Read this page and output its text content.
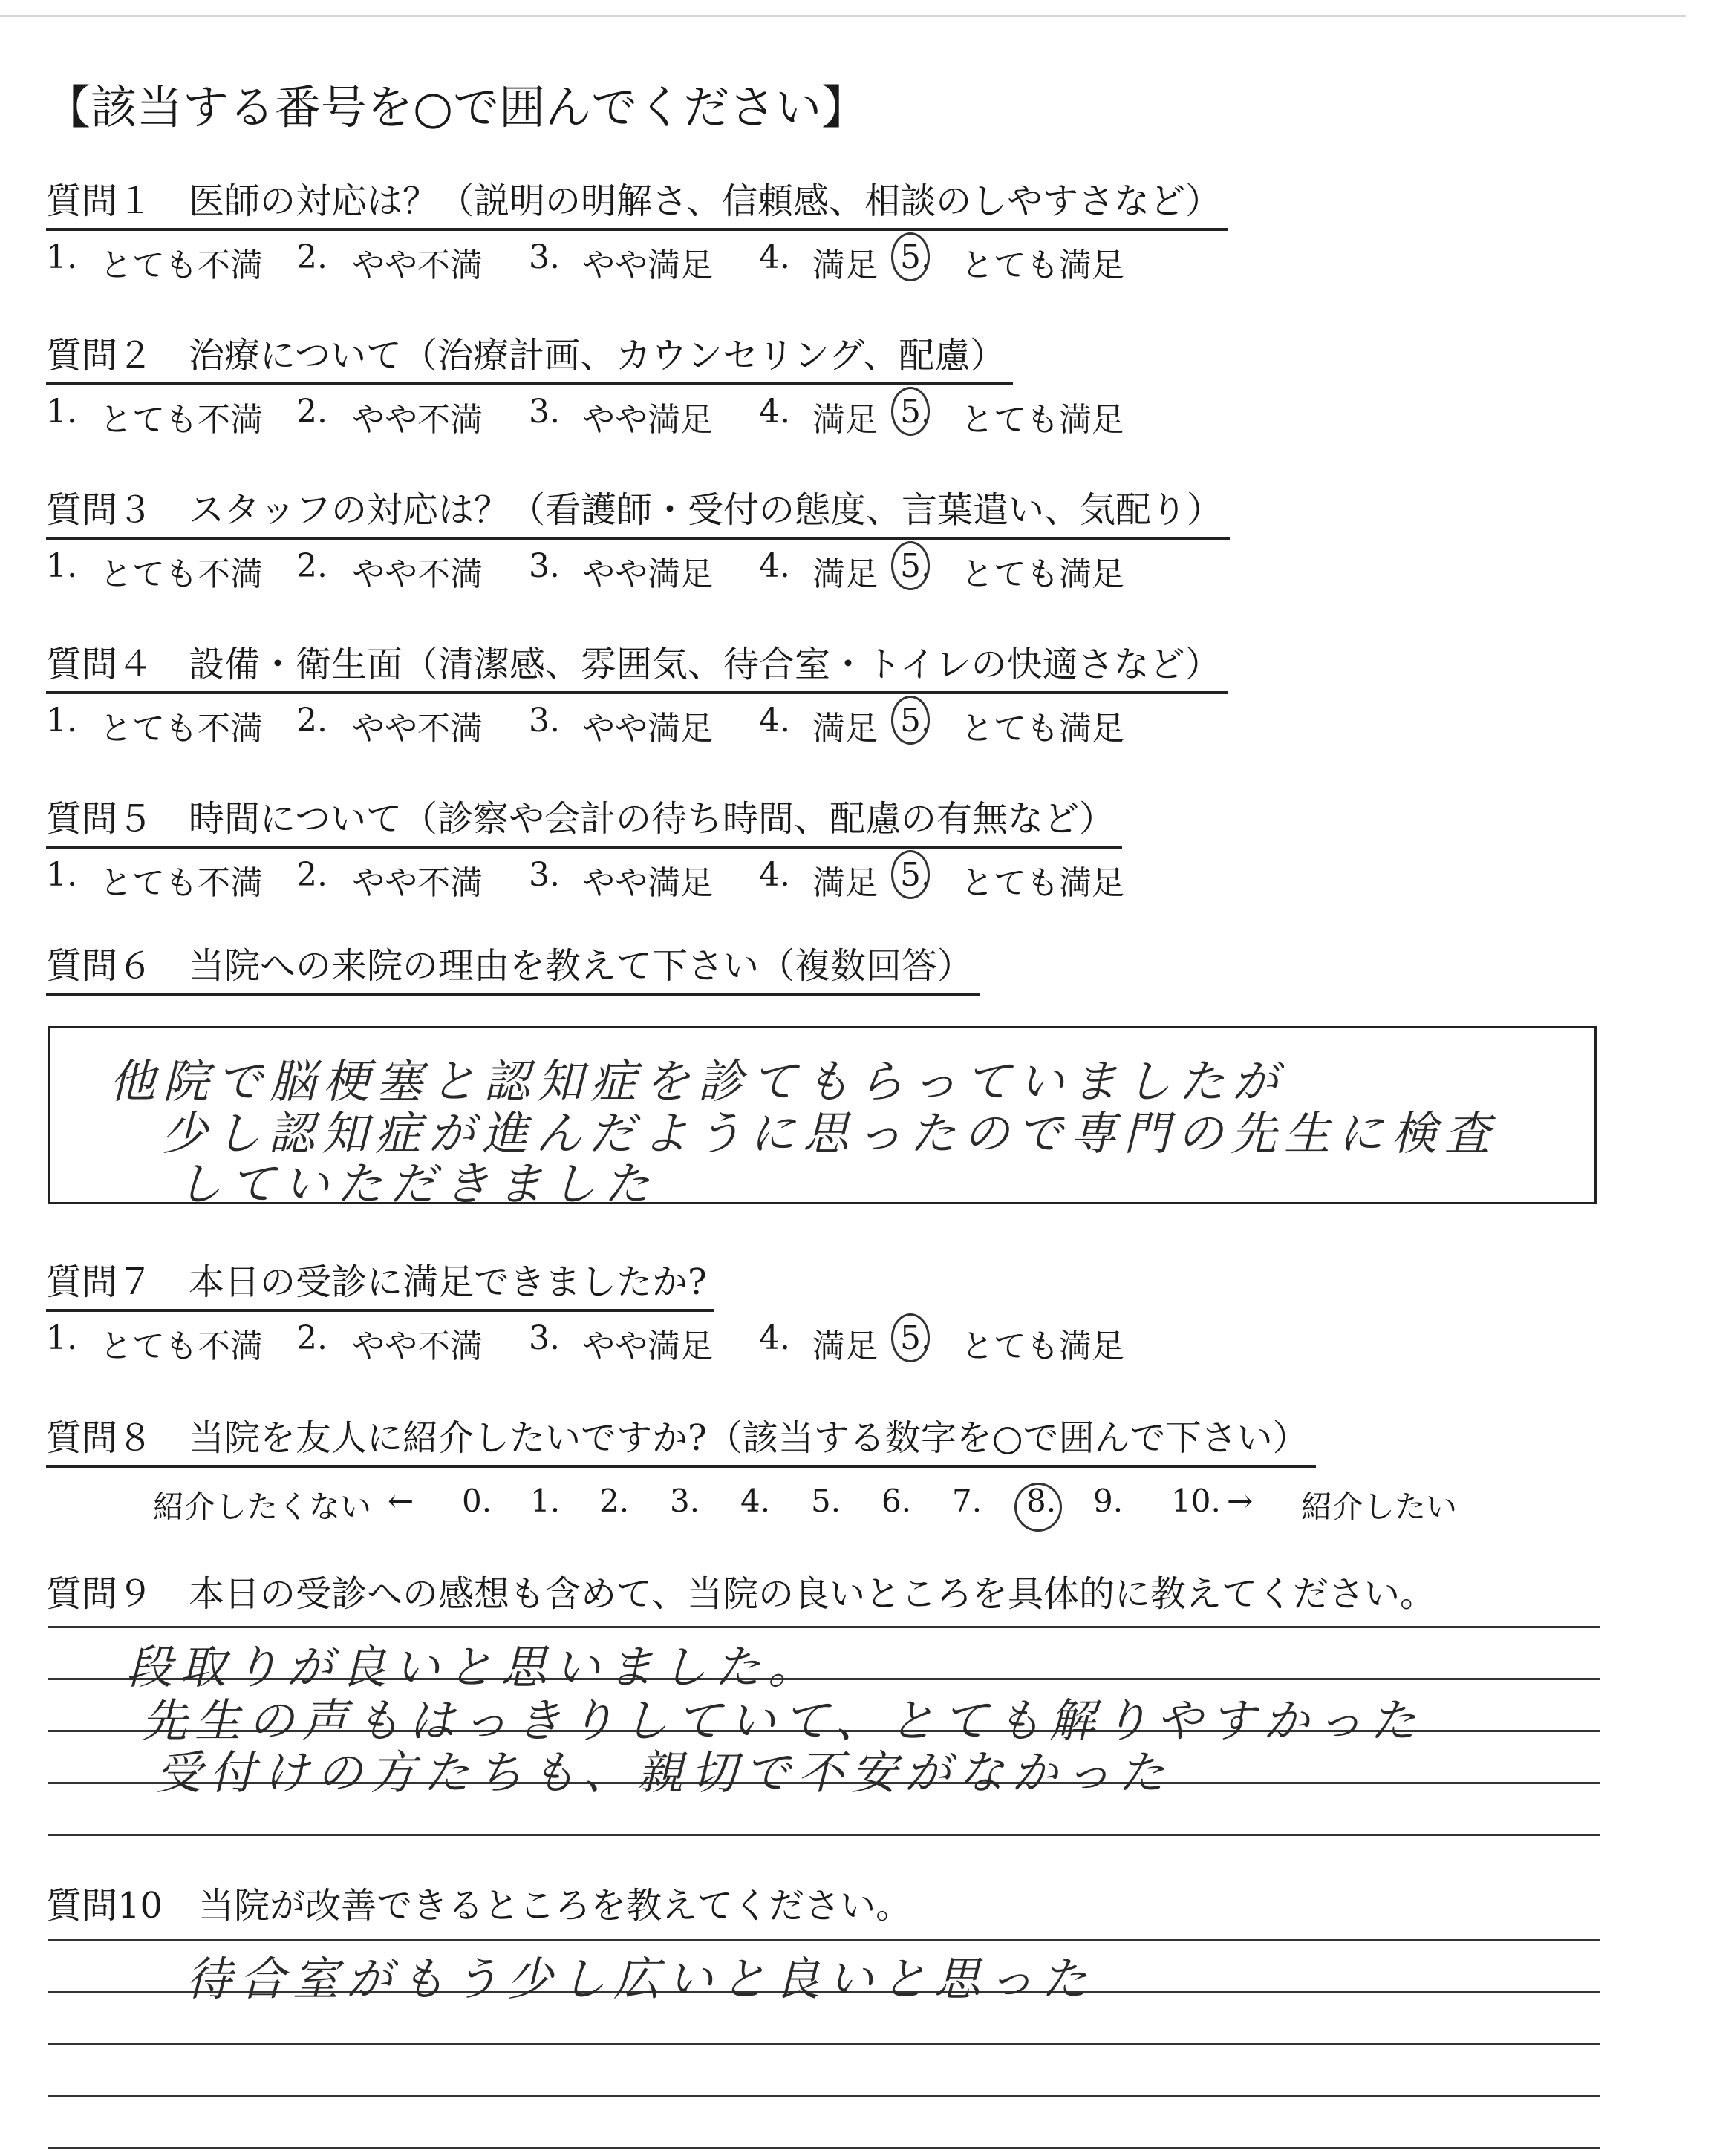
【該当する番号を○で囲んでください】
質問１ 医師の対応は？（説明の明解さ、信頼感、相談のしやすさなど）
1. とても不満 2. やや不満 3. やや満足 4. 満足 5. とても満足
質問２ 治療について（治療計画、カウンセリング、配慮）
1. とても不満 2. やや不満 3. やや満足 4. 満足 5. とても満足
質問３ スタッフの対応は？（看護師・受付の態度、言葉遣い、気配り）
1. とても不満 2. やや不満 3. やや満足 4. 満足 5. とても満足
質問４ 設備・衛生面（清潔感、雰囲気、待合室・トイレの快適さなど）
1. とても不満 2. やや不満 3. やや満足 4. 満足 5. とても満足
質問５ 時間について（診察や会計の待ち時間、配慮の有無など）
1. とても不満 2. やや不満 3. やや満足 4. 満足 5. とても満足
質問６ 当院への来院の理由を教えて下さい（複数回答）
他院で脳梗塞と認知症を診てもらっていましたが
少し認知症が進んだように思ったので専門の先生に検査
していただきました
質問７ 本日の受診に満足できましたか?
1. とても不満 2. やや不満 3. やや満足 4. 満足 5. とても満足
質問８ 当院を友人に紹介したいですか?（該当する数字を○で囲んで下さい）
紹介したくない ←	→ 紹介したい
0. 1. 2. 3. 4. 5. 6. 7. 8. 9. 10.
質問９ 本日の受診への感想も含めて、当院の良いところを具体的に教えてください。
段取りが良いと思いました。
先生の声もはっきりしていて、とても解りやすかった
受付けの方たちも、親切で不安がなかった
質問10 当院が改善できるところを教えてください。
待合室がもう少し広いと良いと思った
